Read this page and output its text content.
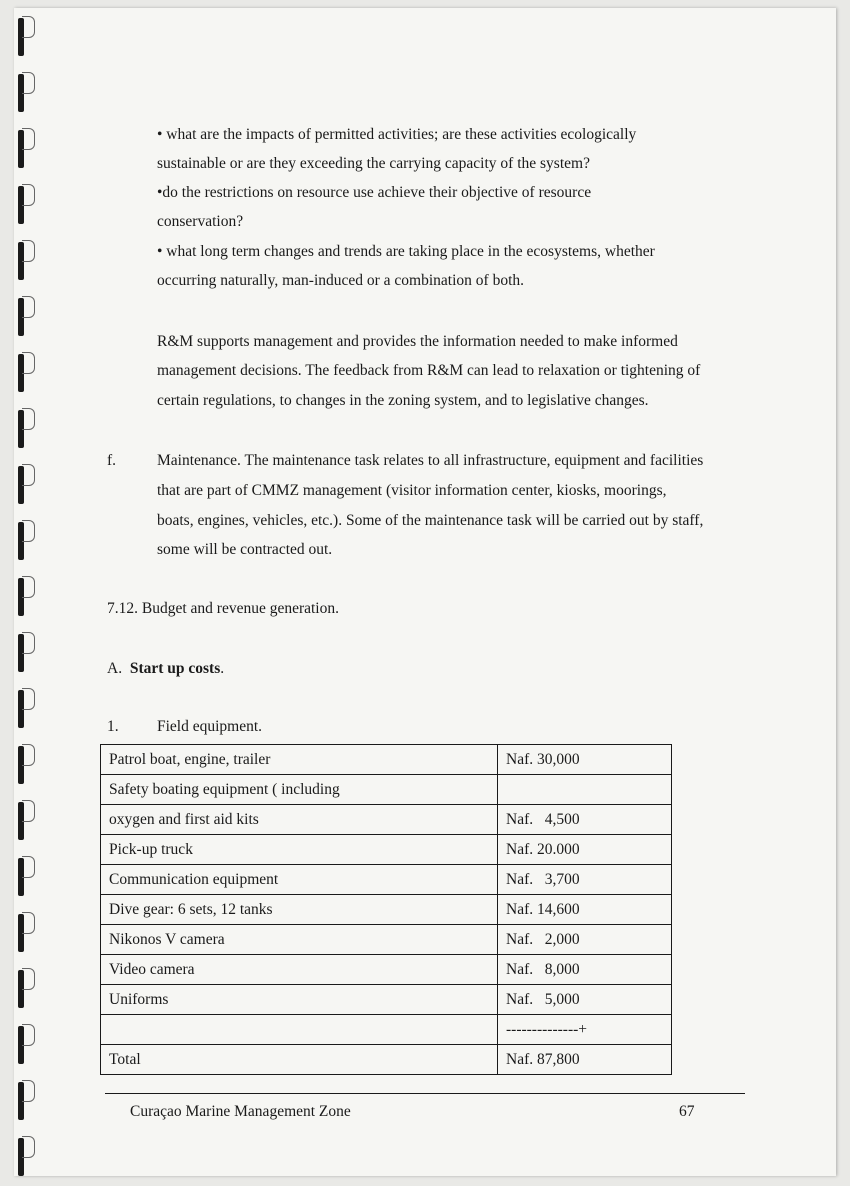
• what are the impacts of permitted activities; are these activities ecologically
sustainable or are they exceeding the carrying capacity of the system?
•do the restrictions on resource use achieve their objective of resource
conservation?
• what long term changes and trends are taking place in the ecosystems, whether
occurring naturally, man-induced or a combination of both.
R&M supports management and provides the information needed to make informed
management decisions. The feedback from R&M can lead to relaxation or tightening of
certain regulations, to changes in the zoning system, and to legislative changes.
f.	Maintenance. The maintenance task relates to all infrastructure, equipment and facilities
that are part of CMMZ management (visitor information center, kiosks, moorings,
boats, engines, vehicles, etc.). Some of the maintenance task will be carried out by staff,
some will be contracted out.
7.12. Budget and revenue generation.
A. Start up costs.
1. Field equipment.
Patrol boat, engine, trailer	Naf. 30,000
Safety boating equipment ( including	
oxygen and first aid kits	Naf.   4,500
Pick-up truck	Naf. 20.000
Communication equipment	Naf.   3,700
Dive gear: 6 sets, 12 tanks	Naf. 14,600
Nikonos V camera	Naf.   2,000
Video camera	Naf.   8,000
Uniforms	Naf.   5,000
	--------------+
Total	Naf. 87,800
Curaçao Marine Management Zone	67
